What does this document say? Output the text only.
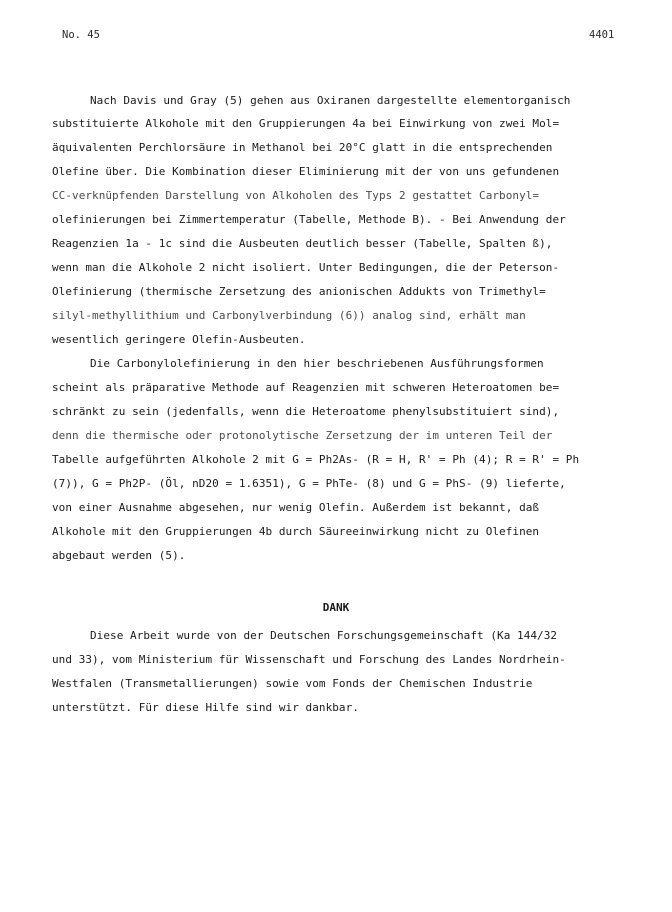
No. 45	4401
Nach Davis und Gray (5) gehen aus Oxiranen dargestellte elementorganisch
substituierte Alkohole mit den Gruppierungen 4a bei Einwirkung von zwei Mol=
äquivalenten Perchlorsäure in Methanol bei 20°C glatt in die entsprechenden
Olefine über. Die Kombination dieser Eliminierung mit der von uns gefundenen
CC-verknüpfenden Darstellung von Alkoholen des Typs 2 gestattet Carbonyl=
olefinierungen bei Zimmertemperatur (Tabelle, Methode B). - Bei Anwendung der
Reagenzien 1a - 1c sind die Ausbeuten deutlich besser (Tabelle, Spalten ß),
wenn man die Alkohole 2 nicht isoliert. Unter Bedingungen, die der Peterson-
Olefinierung (thermische Zersetzung des anionischen Addukts von Trimethyl=
silyl-methyllithium und Carbonylverbindung (6)) analog sind, erhält man
wesentlich geringere Olefin-Ausbeuten.
Die Carbonylolefinierung in den hier beschriebenen Ausführungsformen
scheint als präparative Methode auf Reagenzien mit schweren Heteroatomen be=
schränkt zu sein (jedenfalls, wenn die Heteroatome phenylsubstituiert sind),
denn die thermische oder protonolytische Zersetzung der im unteren Teil der
Tabelle aufgeführten Alkohole 2 mit G = Ph2As- (R = H, R' = Ph (4); R = R' = Ph
(7)), G = Ph2P- (Öl, nD20 = 1.6351), G = PhTe- (8) und G = PhS- (9) lieferte,
von einer Ausnahme abgesehen, nur wenig Olefin. Außerdem ist bekannt, daß
Alkohole mit den Gruppierungen 4b durch Säureeinwirkung nicht zu Olefinen
abgebaut werden (5).
DANK
Diese Arbeit wurde von der Deutschen Forschungsgemeinschaft (Ka 144/32
und 33), vom Ministerium für Wissenschaft und Forschung des Landes Nordrhein-
Westfalen (Transmetallierungen) sowie vom Fonds der Chemischen Industrie
unterstützt. Für diese Hilfe sind wir dankbar.
